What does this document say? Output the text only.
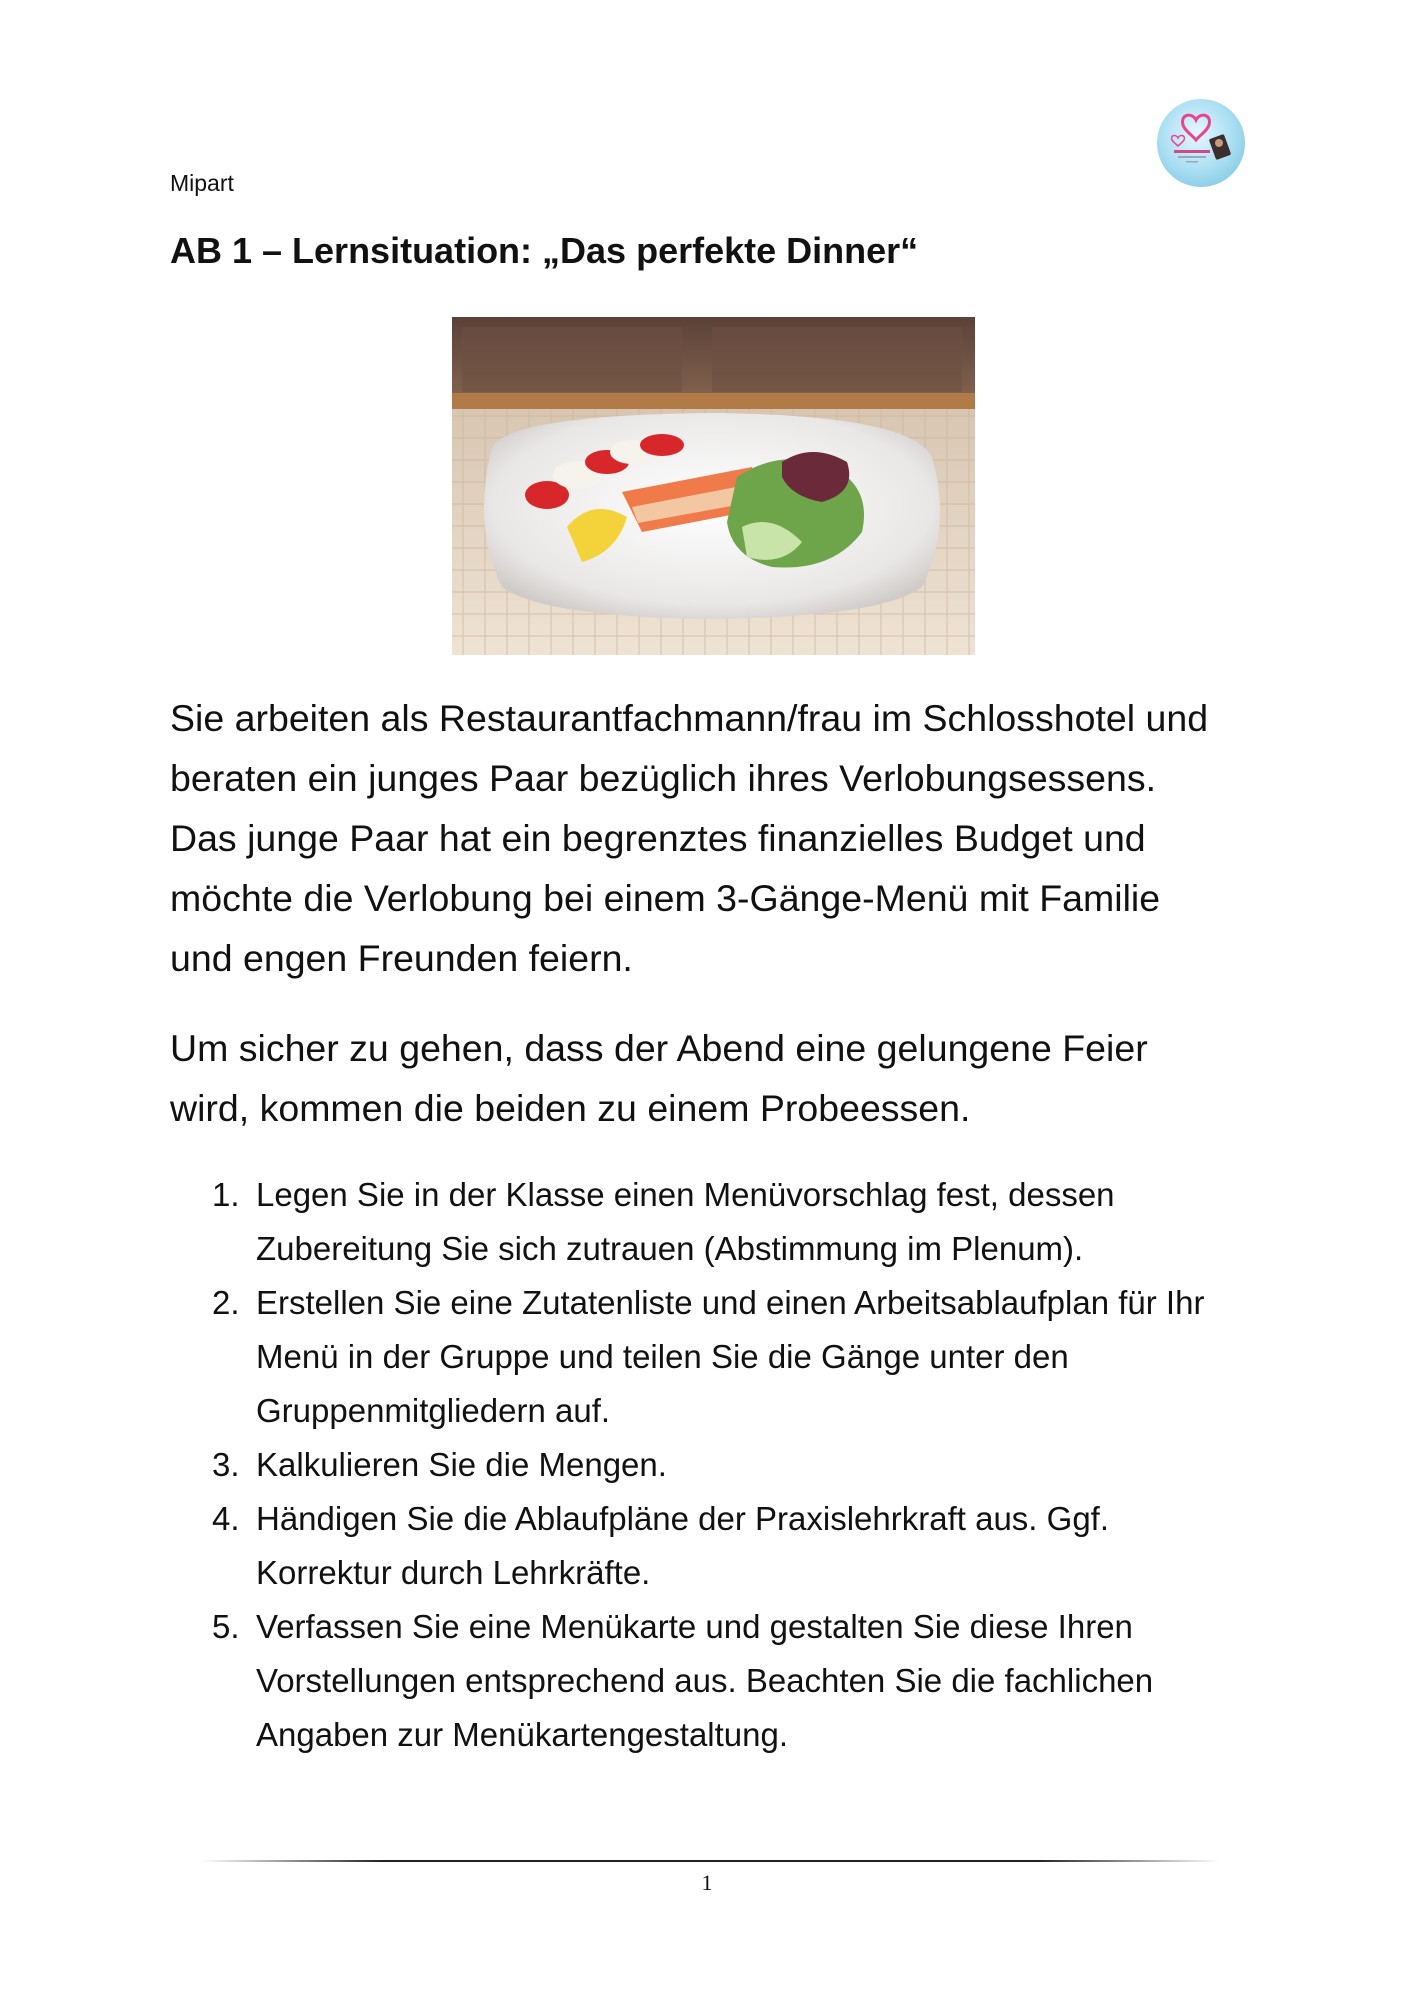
Mipart
AB 1 – Lernsituation: „Das perfekte Dinner“

Sie arbeiten als Restaurantfachmann/frau im Schlosshotel und beraten ein junges Paar bezüglich ihres Verlobungsessens. Das junge Paar hat ein begrenztes finanzielles Budget und möchte die Verlobung bei einem 3-Gänge-Menü mit Familie und engen Freunden feiern.

Um sicher zu gehen, dass der Abend eine gelungene Feier wird, kommen die beiden zu einem Probeessen.

1. Legen Sie in der Klasse einen Menüvorschlag fest, dessen Zubereitung Sie sich zutrauen (Abstimmung im Plenum).
2. Erstellen Sie eine Zutatenliste und einen Arbeitsablaufplan für Ihr Menü in der Gruppe und teilen Sie die Gänge unter den Gruppenmitgliedern auf.
3. Kalkulieren Sie die Mengen.
4. Händigen Sie die Ablaufpläne der Praxislehrkraft aus. Ggf. Korrektur durch Lehrkräfte.
5. Verfassen Sie eine Menükarte und gestalten Sie diese Ihren Vorstellungen entsprechend aus. Beachten Sie die fachlichen Angaben zur Menükartengestaltung.
1
